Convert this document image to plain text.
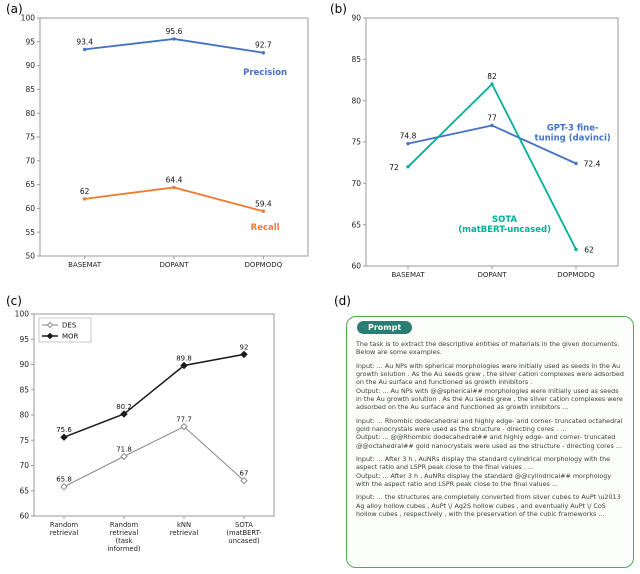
(a)	(b)
(c)	(d)
50
55
60
65
70
75
80
85
90
95
100
BASEMAT	DOPANT	DOPMODQ
93.4
95.6
92.7
62
64.4
59.4
Precision
Recall
60
65
70
75
80
85
90
BASEMAT	DOPANT	DOPMODQ
74.8
77
72.4
72
82
62
GPT-3 fine-
tuning (davinci)
SOTA
(matBERT-uncased)
60
65
70
75
80
85
90
95
100
Random retrieval
Random retrieval (task informed)
kNN retrieval
SOTA (matBERT-uncased)
65.8
71.8
77.7
67
75.6
80.2
89.8
92
DES
MOR
Prompt
The task is to extract the descriptive entities of materials in the given documents. Below are some examples.
Input: ... Au NPs with spherical morphologies were initially used as seeds in the Au growth solution . As the Au seeds grew , the silver cation complexes were adsorbed on the Au surface and functioned as growth inhibitors .
Output: ... Au NPs with @@spherical## morphologies were initially used as seeds in the Au growth solution . As the Au seeds grew , the silver cation complexes were adsorbed on the Au surface and functioned as growth inhibitors ...
Input: ... Rhombic dodecahedral and highly edge- and corner- truncated octahedral gold nanocrystals were used as the structure - directing cores . ...
Output: ... @@Rhombic dodecahedral## and highly edge- and corner- truncated @@octahedral## gold nanocrystals were used as the structure - directing cores ...
Input: ... After 3 h , AuNRs display the standard cylindrical morphology with the aspect ratio and LSPR peak close to the final values . ...
Output: ... After 3 h , AuNRs display the standard @@cylindrical## morphology with the aspect ratio and LSPR peak close to the final values ...
Input: ... the structures are completely converted from silver cubes to AuPt \u2013 Ag alloy hollow cubes , AuPt \/ Ag2S hollow cubes , and eventually AuPt \/ CoS hollow cubes , respectively , with the preservation of the cubic frameworks ...
